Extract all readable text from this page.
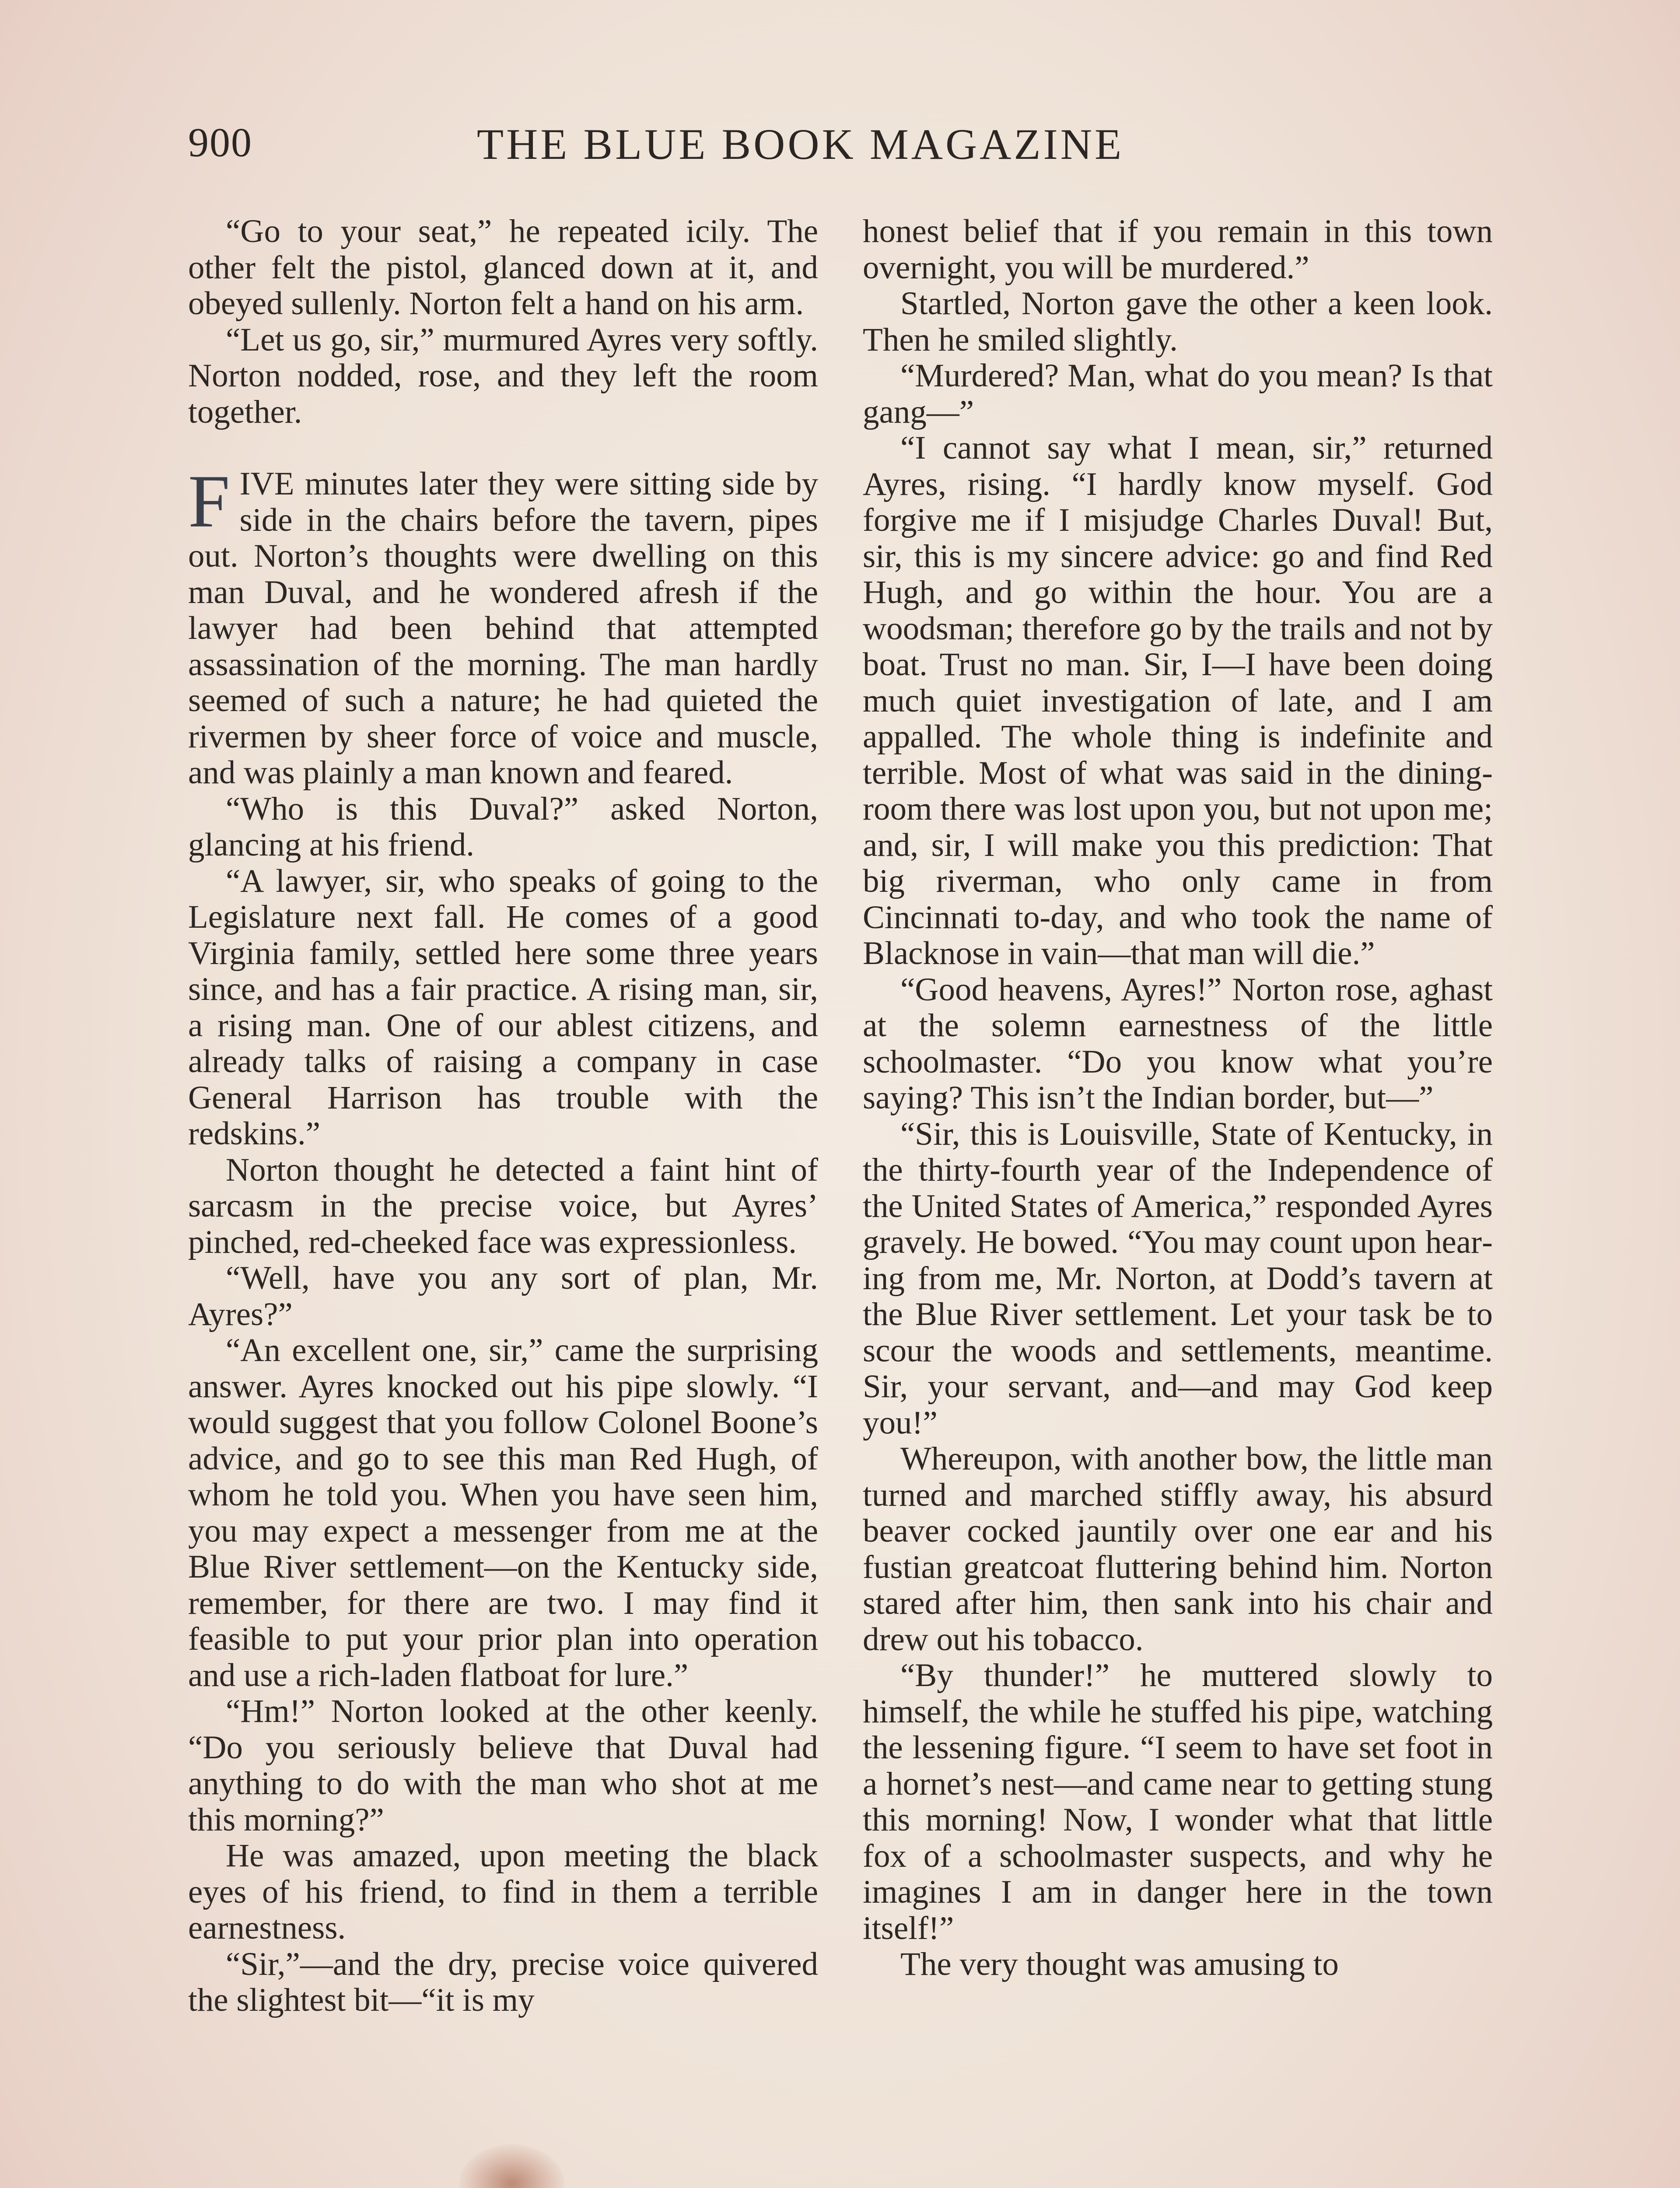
900	THE BLUE BOOK MAGAZINE

“Go to your seat,” he repeated icily. The other felt the pistol, glanced down at it, and obeyed sullenly. Norton felt a hand on his arm.

“Let us go, sir,” murmured Ayres very softly. Norton nodded, rose, and they left the room together.

FIVE minutes later they were sitting side by side in the chairs before the tavern, pipes out. Norton’s thoughts were dwelling on this man Duval, and he wondered afresh if the lawyer had been behind that attempted assassination of the morning. The man hardly seemed of such a nature; he had quieted the rivermen by sheer force of voice and muscle, and was plainly a man known and feared.

“Who is this Duval?” asked Norton, glancing at his friend.

“A lawyer, sir, who speaks of going to the Legislature next fall. He comes of a good Virginia family, settled here some three years since, and has a fair practice. A rising man, sir, a rising man. One of our ablest citizens, and already talks of raising a company in case General Harrison has trouble with the redskins.”

Norton thought he detected a faint hint of sarcasm in the precise voice, but Ayres’ pinched, red-cheeked face was expressionless.

“Well, have you any sort of plan, Mr. Ayres?”

“An excellent one, sir,” came the surprising answer. Ayres knocked out his pipe slowly. “I would suggest that you follow Colonel Boone’s advice, and go to see this man Red Hugh, of whom he told you. When you have seen him, you may expect a messenger from me at the Blue River settlement—on the Kentucky side, remember, for there are two. I may find it feasible to put your prior plan into operation and use a rich-laden flatboat for lure.”

“Hm!” Norton looked at the other keenly. “Do you seriously believe that Duval had anything to do with the man who shot at me this morning?”

He was amazed, upon meeting the black eyes of his friend, to find in them a terrible earnestness.

“Sir,”—and the dry, precise voice quivered the slightest bit—“it is my

honest belief that if you remain in this town overnight, you will be murdered.”

Startled, Norton gave the other a keen look. Then he smiled slightly.

“Murdered? Man, what do you mean? Is that gang—”

“I cannot say what I mean, sir,” returned Ayres, rising. “I hardly know myself. God forgive me if I misjudge Charles Duval! But, sir, this is my sincere advice: go and find Red Hugh, and go within the hour. You are a woodsman; therefore go by the trails and not by boat. Trust no man. Sir, I—I have been doing much quiet investigation of late, and I am appalled. The whole thing is indefinite and terrible. Most of what was said in the dining-room there was lost upon you, but not upon me; and, sir, I will make you this prediction: That big riverman, who only came in from Cincinnati to-day, and who took the name of Blacknose in vain—that man will die.”

“Good heavens, Ayres!” Norton rose, aghast at the solemn earnestness of the little schoolmaster. “Do you know what you’re saying? This isn’t the Indian border, but—”

“Sir, this is Louisville, State of Kentucky, in the thirty-fourth year of the Independence of the United States of America,” responded Ayres gravely. He bowed. “You may count upon hearing from me, Mr. Norton, at Dodd’s tavern at the Blue River settlement. Let your task be to scour the woods and settlements, meantime. Sir, your servant, and—and may God keep you!”

Whereupon, with another bow, the little man turned and marched stiffly away, his absurd beaver cocked jauntily over one ear and his fustian greatcoat fluttering behind him. Norton stared after him, then sank into his chair and drew out his tobacco.

“By thunder!” he muttered slowly to himself, the while he stuffed his pipe, watching the lessening figure. “I seem to have set foot in a hornet’s nest—and came near to getting stung this morning! Now, I wonder what that little fox of a schoolmaster suspects, and why he imagines I am in danger here in the town itself!”

The very thought was amusing to
